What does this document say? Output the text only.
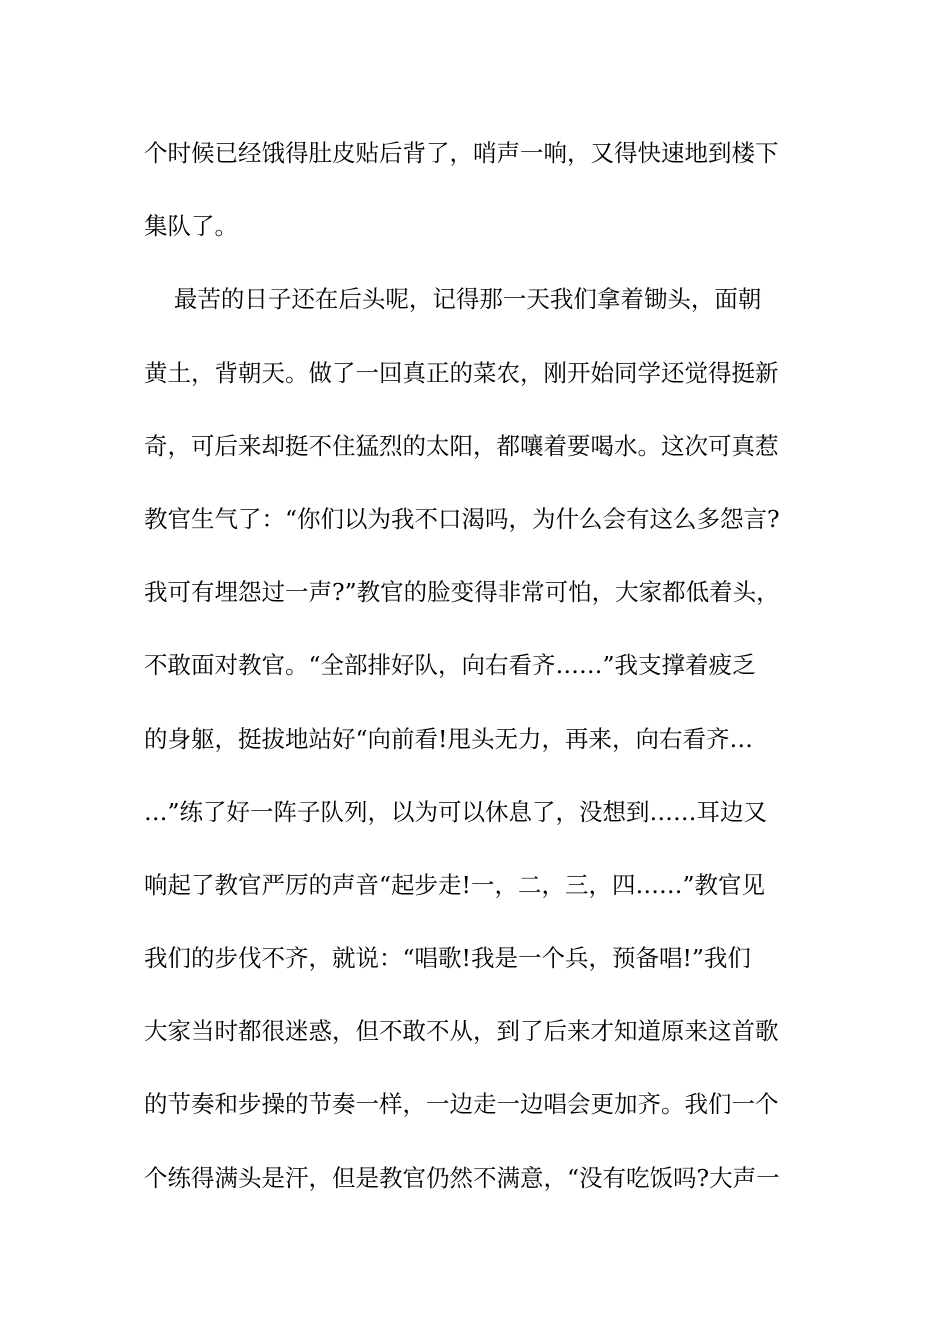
个时候已经饿得肚皮贴后背了，哨声一响，又得快速地到楼下
集队了。
最苦的日子还在后头呢，记得那一天我们拿着锄头，面朝
黄土，背朝天。做了一回真正的菜农，刚开始同学还觉得挺新
奇，可后来却挺不住猛烈的太阳，都嚷着要喝水。这次可真惹
教官生气了：“你们以为我不口渴吗，为什么会有这么多怨言?
我可有埋怨过一声?”教官的脸变得非常可怕，大家都低着头，
不敢面对教官。“全部排好队，向右看齐……”我支撑着疲乏
的身躯，挺拔地站好“向前看!甩头无力，再来，向右看齐…
…”练了好一阵子队列，以为可以休息了，没想到……耳边又
响起了教官严厉的声音“起步走!一，二，三，四……”教官见
我们的步伐不齐，就说：“唱歌!我是一个兵，预备唱!”我们
大家当时都很迷惑，但不敢不从，到了后来才知道原来这首歌
的节奏和步操的节奏一样，一边走一边唱会更加齐。我们一个
个练得满头是汗，但是教官仍然不满意，“没有吃饭吗?大声一
